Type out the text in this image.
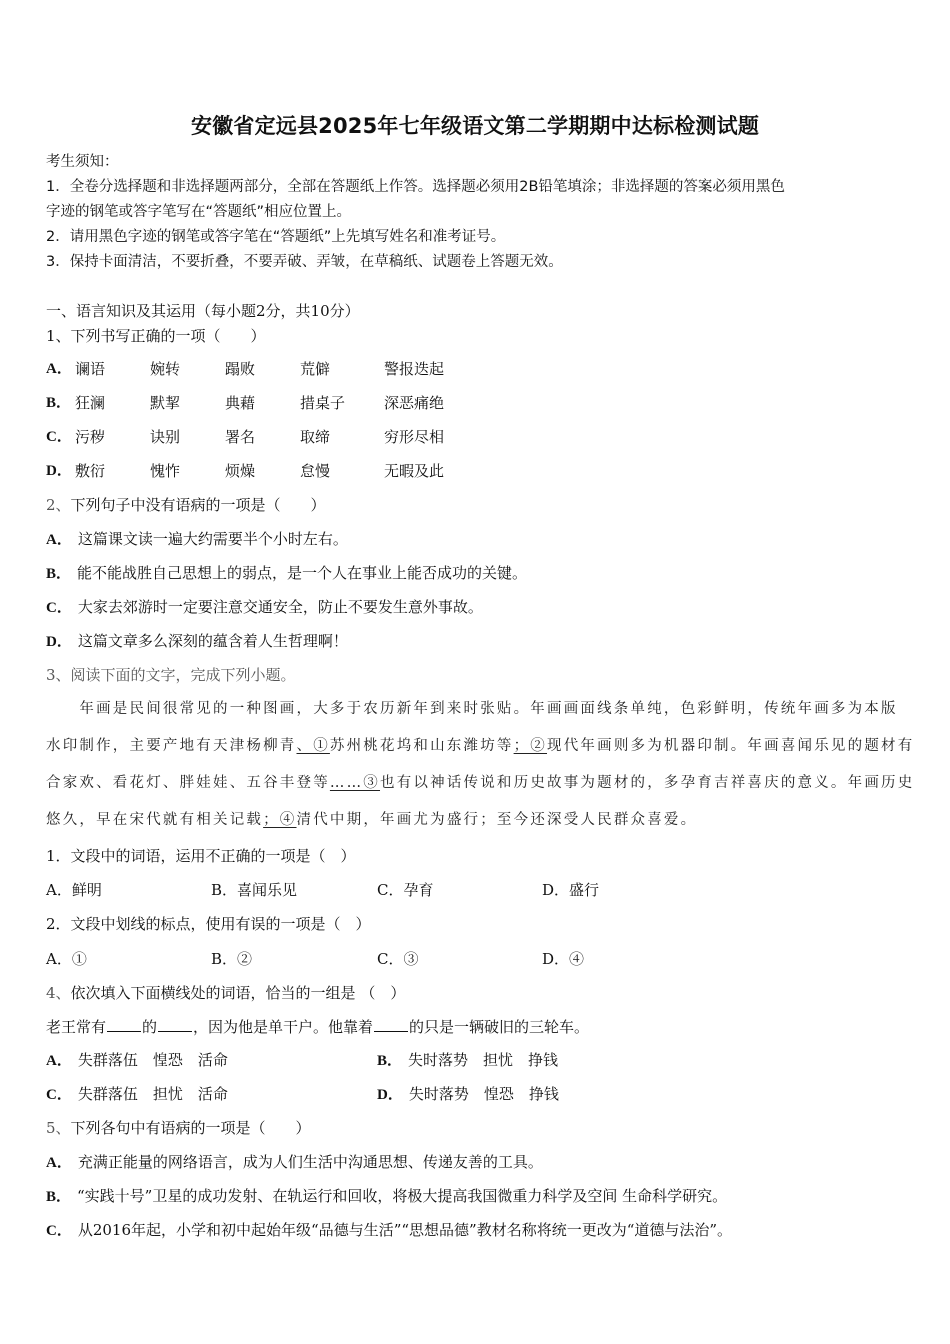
安徽省定远县2025年七年级语文第二学期期中达标检测试题
考生须知：
1．全卷分选择题和非选择题两部分，全部在答题纸上作答。选择题必须用2B铅笔填涂；非选择题的答案必须用黑色
字迹的钢笔或答字笔写在“答题纸”相应位置上。
2．请用黑色字迹的钢笔或答字笔在“答题纸”上先填写姓名和准考证号。
3．保持卡面清洁，不要折叠，不要弄破、弄皱，在草稿纸、试题卷上答题无效。
一、语言知识及其运用（每小题2分，共10分）
1、下列书写正确的一项（　　）
A． 谰语	婉转	蹋败	荒僻	警报迭起
B． 狂澜	默挈	典藉	措桌子	深恶痛绝
C． 污秽	诀别	署名	取缔	穷形尽相
D． 敷衍	愧怍	烦燥	怠慢	无暇及此
2、下列句子中没有语病的一项是（　　）
A． 这篇课文读一遍大约需要半个小时左右。
B． 能不能战胜自己思想上的弱点，是一个人在事业上能否成功的关键。
C． 大家去郊游时一定要注意交通安全，防止不要发生意外事故。
D． 这篇文章多么深刻的蕴含着人生哲理啊！
3、阅读下面的文字，完成下列小题。
　　年画是民间很常见的一种图画，大多于农历新年到来时张贴。年画画面线条单纯，色彩鲜明，传统年画多为本版
水印制作，主要产地有天津杨柳青、①苏州桃花坞和山东潍坊等；②现代年画则多为机器印制。年画喜闻乐见的题材有
合家欢、看花灯、胖娃娃、五谷丰登等……③也有以神话传说和历史故事为题材的，多孕育吉祥喜庆的意义。年画历史
悠久，早在宋代就有相关记载；④清代中期，年画尤为盛行；至今还深受人民群众喜爱。
1．文段中的词语，运用不正确的一项是（　）
A．鲜明	B．喜闻乐见	C．孕育	D．盛行
2．文段中划线的标点，使用有误的一项是（　）
A．①	B．②	C．③	D．④
4、依次填入下面横线处的词语，恰当的一组是 （　）
老王常有 的 ，因为他是单干户。他靠着 的只是一辆破旧的三轮车。
A． 失群落伍　惶恐　活命	B． 失时落势　担忧　挣钱
C． 失群落伍　担忧　活命	D． 失时落势　惶恐　挣钱
5、下列各句中有语病的一项是（　　）
A． 充满正能量的网络语言，成为人们生活中沟通思想、传递友善的工具。
B． “实践十号”卫星的成功发射、在轨运行和回收，将极大提高我国微重力科学及空间 生命科学研究。
C． 从2016年起，小学和初中起始年级“品德与生活”“思想品德”教材名称将统一更改为“道德与法治”。
